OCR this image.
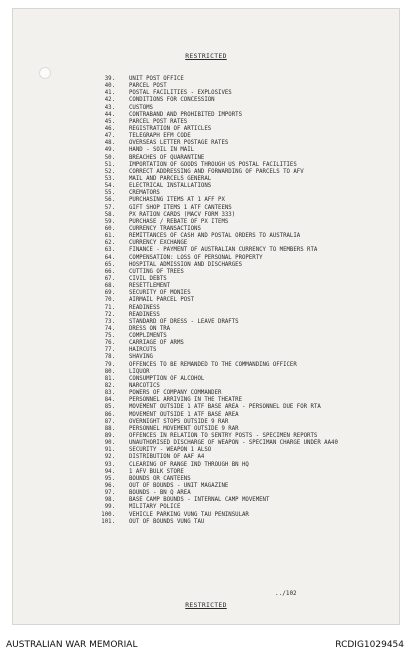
RESTRICTED
39. UNIT POST OFFICE
40. PARCEL POST
41. POSTAL FACILITIES - EXPLOSIVES
42. CONDITIONS FOR CONCESSION
43. CUSTOMS
44. CONTRABAND AND PROHIBITED IMPORTS
45. PARCEL POST RATES
46. REGISTRATION OF ARTICLES
47. TELEGRAPH EFM CODE
48. OVERSEAS LETTER POSTAGE RATES
49. HAND - SOIL IN MAIL
50. BREACHES OF QUARANTINE
51. IMPORTATION OF GOODS THROUGH US POSTAL FACILITIES
52. CORRECT ADDRESSING AND FORWARDING OF PARCELS TO AFV
53. MAIL AND PARCELS GENERAL
54. ELECTRICAL INSTALLATIONS
55. CREMATORS
56. PURCHASING ITEMS AT 1 AFF PX
57. GIFT SHOP ITEMS 1 ATF CANTEENS
58. PX RATION CARDS (MACV FORM 333)
59. PURCHASE / REBATE OF PX ITEMS
60. CURRENCY TRANSACTIONS
61. REMITTANCES OF CASH AND POSTAL ORDERS TO AUSTRALIA
62. CURRENCY EXCHANGE
63. FINANCE - PAYMENT OF AUSTRALIAN CURRENCY TO MEMBERS RTA
64. COMPENSATION: LOSS OF PERSONAL PROPERTY
65. HOSPITAL ADMISSION AND DISCHARGES
66. CUTTING OF TREES
67. CIVIL DEBTS
68. RESETTLEMENT
69. SECURITY OF MONIES
70. AIRMAIL PARCEL POST
71. READINESS
72. READINESS
73. STANDARD OF DRESS - LEAVE DRAFTS
74. DRESS ON TRA
75. COMPLIMENTS
76. CARRIAGE OF ARMS
77. HAIRCUTS
78. SHAVING
79. OFFENCES TO BE REMANDED TO THE COMMANDING OFFICER
80. LIQUOR
81. CONSUMPTION OF ALCOHOL
82. NARCOTICS
83. POWERS OF COMPANY COMMANDER
84. PERSONNEL ARRIVING IN THE THEATRE
85. MOVEMENT OUTSIDE 1 ATF BASE AREA - PERSONNEL DUE FOR RTA
86. MOVEMENT OUTSIDE 1 ATF BASE AREA
87. OVERNIGHT STOPS OUTSIDE 9 RAR
88. PERSONNEL MOVEMENT OUTSIDE 9 RAR
89. OFFENCES IN RELATION TO SENTRY POSTS - SPECIMEN REPORTS
90. UNAUTHORISED DISCHARGE OF WEAPON - SPECIMAN CHARGE UNDER AA40
91. SECURITY - WEAPON 1 ALSO
92. DISTRIBUTION OF AAF A4
93. CLEARING OF RANGE IND THROUGH BN HQ
94. 1 AFV BULK STORE
95. BOUNDS OR CANTEENS
96. OUT OF BOUNDS - UNIT MAGAZINE
97. BOUNDS - BN Q AREA
98. BASE CAMP BOUNDS - INTERNAL CAMP MOVEMENT
99. MILITARY POLICE
100. VEHICLE PARKING VUNG TAU PENINSULAR
101. OUT OF BOUNDS VUNG TAU
../102
RESTRICTED
AUSTRALIAN WAR MEMORIAL	RCDIG1029454
